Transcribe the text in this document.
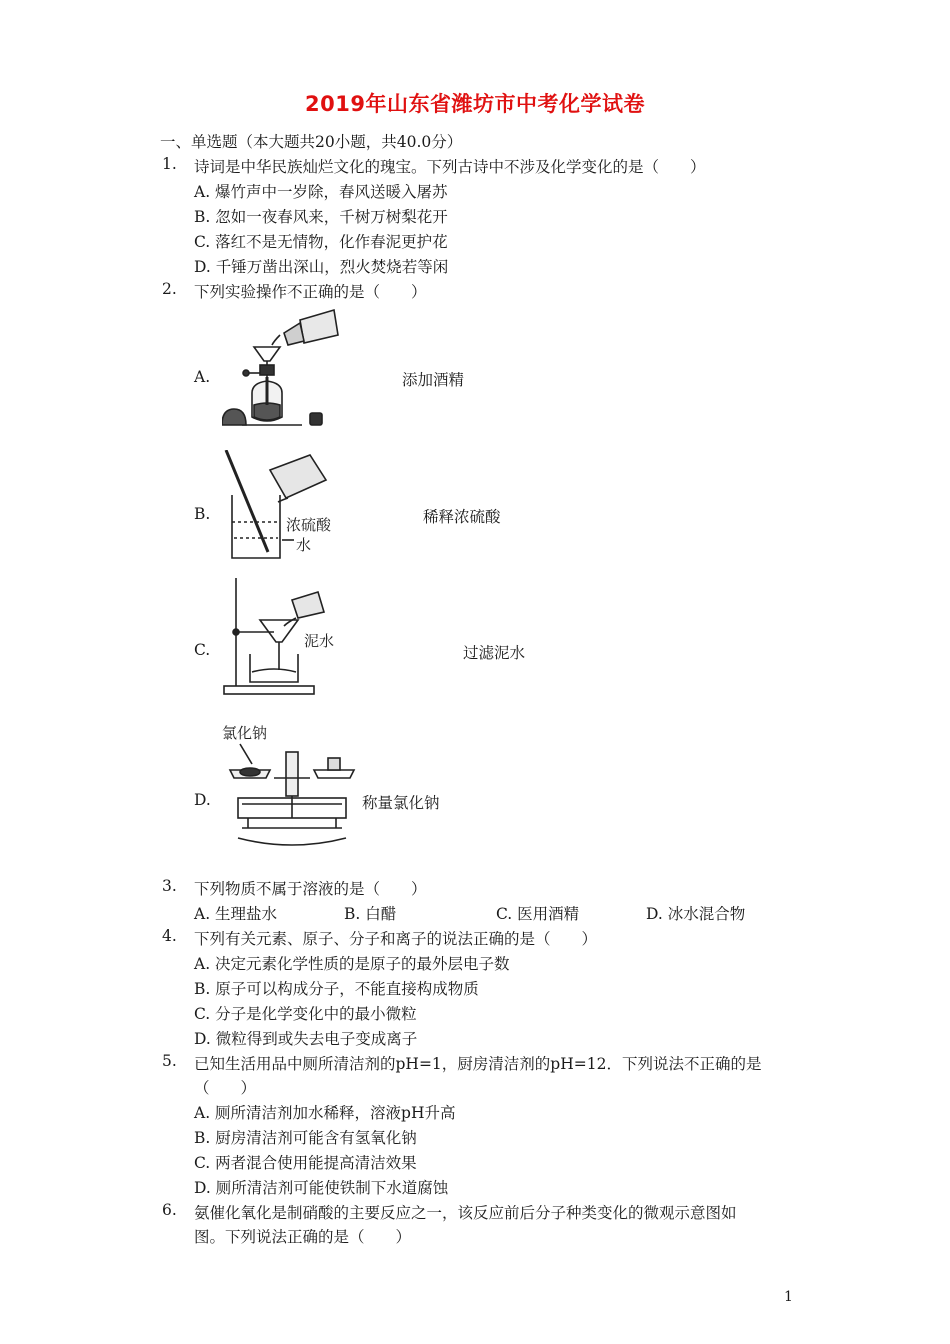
2019年山东省潍坊市中考化学试卷
一、单选题（本大题共20小题，共40.0分）
1. 诗词是中华民族灿烂文化的瑰宝。下列古诗中不涉及化学变化的是（　　）
A. 爆竹声中一岁除，春风送暖入屠苏
B. 忽如一夜春风来，千树万树梨花开
C. 落红不是无情物，化作春泥更护花
D. 千锤万凿出深山，烈火焚烧若等闲
2. 下列实验操作不正确的是（　　）
A.	添加酒精
B.
浓硫酸
水
稀释浓硫酸
C.	泥水
过滤泥水
D.
氯化钠
称量氯化钠
3. 下列物质不属于溶液的是（　　）
A. 生理盐水	B. 白醋	C. 医用酒精	D. 冰水混合物
4. 下列有关元素、原子、分子和离子的说法正确的是（　　）
A. 决定元素化学性质的是原子的最外层电子数
B. 原子可以构成分子，不能直接构成物质
C. 分子是化学变化中的最小微粒
D. 微粒得到或失去电子变成离子
5. 已知生活用品中厕所清洁剂的pH=1，厨房清洁剂的pH=12．下列说法不正确的是
（　　）
A. 厕所清洁剂加水稀释，溶液pH升高
B. 厨房清洁剂可能含有氢氧化钠
C. 两者混合使用能提高清洁效果
D. 厕所清洁剂可能使铁制下水道腐蚀
6. 氨催化氧化是制硝酸的主要反应之一，该反应前后分子种类变化的微观示意图如
图。下列说法正确的是（　　）
1
